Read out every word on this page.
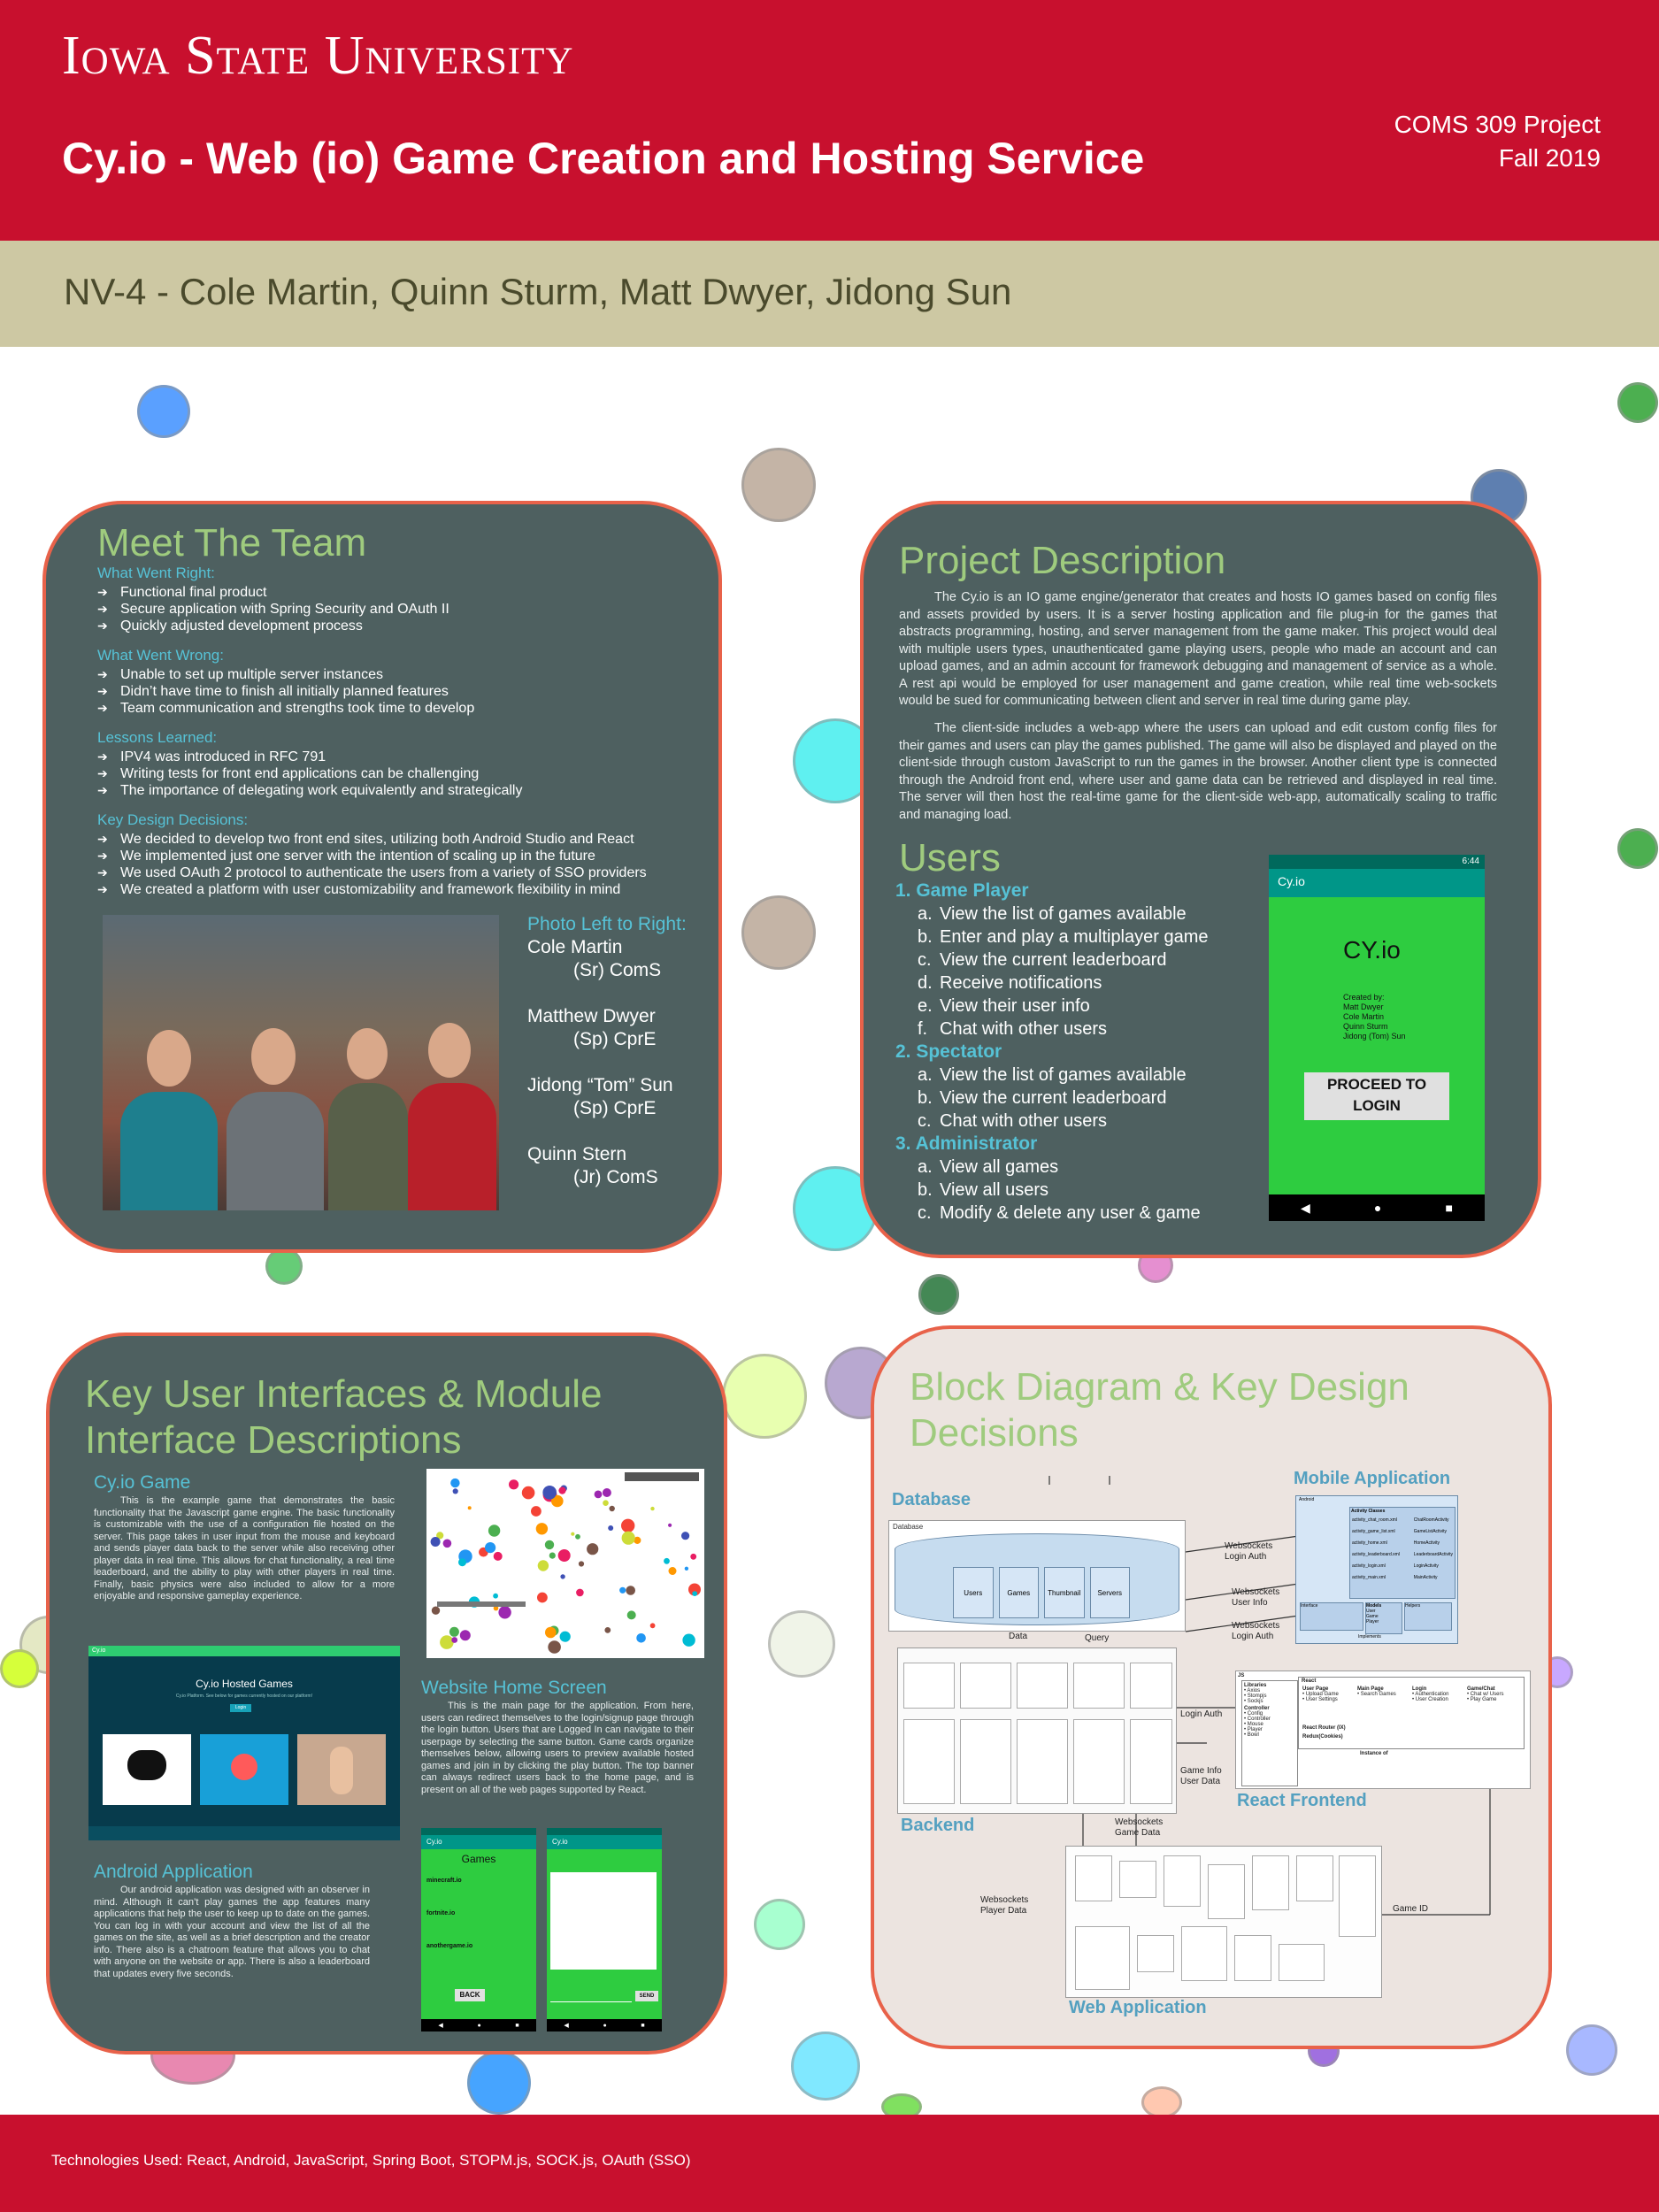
Iowa State University
Cy.io - Web (io) Game Creation and Hosting Service
COMS 309 Project
Fall 2019
NV-4 - Cole Martin, Quinn Sturm, Matt Dwyer, Jidong Sun
Meet The Team
What Went Right:
➔ Functional final product
➔ Secure application with Spring Security and OAuth II
➔ Quickly adjusted development process
What Went Wrong:
➔ Unable to set up multiple server instances
➔ Didn’t have time to finish all initially planned features
➔ Team communication and strengths took time to develop
Lessons Learned:
➔ IPV4 was introduced in RFC 791
➔ Writing tests for front end applications can be challenging
➔ The importance of delegating work equivalently and strategically
Key Design Decisions:
➔ We decided to develop two front end sites, utilizing both Android Studio and React
➔ We implemented just one server with the intention of scaling up in the future
➔ We used OAuth 2 protocol to authenticate the users from a variety of SSO providers
➔ We created a platform with user customizability and framework flexibility in mind
Photo Left to Right:
Cole Martin
(Sr) ComS
Matthew Dwyer
(Sp) CprE
Jidong “Tom” Sun
(Sp) CprE
Quinn Stern
(Jr) ComS
Project Description
The Cy.io is an IO game engine/generator that creates and hosts IO games based on config files and assets provided by users. It is a server hosting application and file plug-in for the games that abstracts programming, hosting, and server management from the game maker. This project would deal with multiple users types, unauthenticated game playing users, people who made an account and can upload games, and an admin account for framework debugging and management of service as a whole. A rest api would be employed for user management and game creation, while real time web-sockets would be sued for communicating between client and server in real time during game play.
The client-side includes a web-app where the users can upload and edit custom config files for their games and users can play the games published. The game will also be displayed and played on the client-side through custom JavaScript to run the games in the browser. Another client type is connected through the Android front end, where user and game data can be retrieved and displayed in real time. The server will then host the real-time game for the client-side web-app, automatically scaling to traffic and managing load.
Users
1. Game Player
a. View the list of games available
b. Enter and play a multiplayer game
c. View the current leaderboard
d. Receive notifications
e. View their user info
f. Chat with other users
2. Spectator
a. View the list of games available
b. View the current leaderboard
c. Chat with other users
3. Administrator
a. View all games
b. View all users
c. Modify & delete any user & game
6:44
Cy.io
CY.io
Created by:
Matt Dwyer
Cole Martin
Quinn Sturm
Jidong (Tom) Sun
PROCEED TO LOGIN
◀	●	■
Key User Interfaces & Module Interface Descriptions
Cy.io Game
This is the example game that demonstrates the basic functionality that the Javascript game engine. The basic functionality is customizable with the use of a configuration file hosted on the server. This page takes in user input from the mouse and keyboard and sends player data back to the server while also receiving other player data in real time. This allows for chat functionality, a real time leaderboard, and the ability to play with other players in real time. Finally, basic physics were also included to allow for a more enjoyable and responsive gameplay experience.
Cy.io
Cy.io Hosted Games
Cy.io Platform. See below for games currently hosted on our platform!
Login
Website Home Screen
This is the main page for the application. From here, users can redirect themselves to the login/signup page through the login button. Users that are Logged In can navigate to their userpage by selecting the same button. Game cards organize themselves below, allowing users to preview available hosted games and join in by clicking the play button. The top banner can always redirect users back to the home page, and is present on all of the web pages supported by React.
Android Application
Our android application was designed with an observer in mind. Although it can’t play games the app features many applications that help the user to keep up to date on the games. You can log in with your account and view the list of all the games on the site, as well as a brief description and the creator info. There also is a chatroom feature that allows you to chat with anyone on the website or app. There is also a leaderboard that updates every five seconds.
Cy.io
Games
minecraft.io
fortnite.io
anothergame.io
BACK
◀	●	■
Cy.io
SEND
◀	●	■
Block Diagram & Key Design Decisions
Database
Mobile Application
Backend
React Frontend
Web Application
Database
Users	Games	Thumbnail	Servers
Data	Query
Websockets Login Auth
Websockets User Info
Websockets Login Auth
Login Auth
Game Info User Data
Websockets Game Data
Websockets Player Data	Game ID
Android
Activity Classes
activity_chat_room.xml
activity_game_list.xml
activity_home.xml
activity_leaderboard.xml
activity_login.xml
activity_main.xml
ChatRoomActivity
GameListActivity
HomeActivity
LeaderboardActivity
LoginActivity
MainActivity
Interface	Models
User
Game
Player
Helpers
Implements
JS
Libraries
• Axios
• Stompjs
• Sockjs
Controller
• Config
• Controller
• Mouse
• Player
• Bowl
React
User Page
• Upload Game
• User Settings
Main Page
• Search Games
Login
• Authentication
• User Creation
Game/Chat
• Chat w/ Users
• Play Game
React Router (IX)
Redux(Cookies)
Instance of
Technologies Used: React, Android, JavaScript, Spring Boot, STOPM.js, SOCK.js, OAuth (SSO)
